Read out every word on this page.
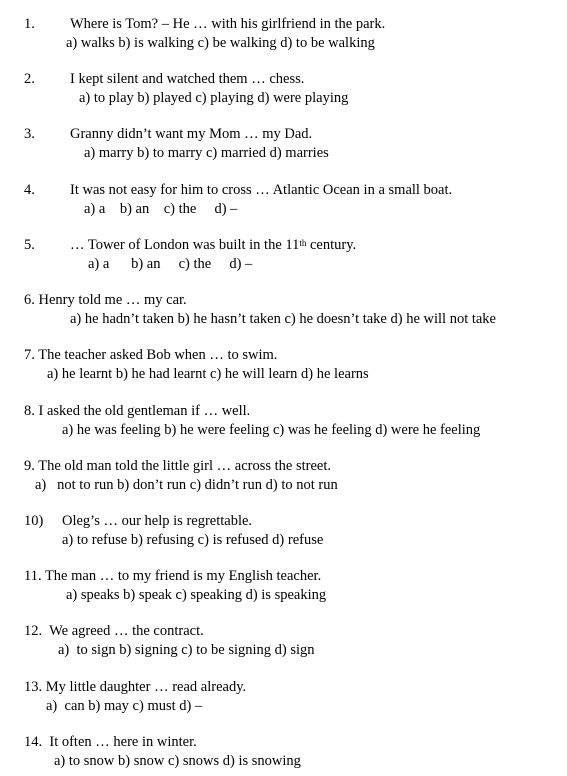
1. Where is Tom? – He … with his girlfriend in the park.
a) walks b) is walking c) be walking d) to be walking
2. I kept silent and watched them … chess.
a) to play b) played c) playing d) were playing
3. Granny didn’t want my Mom … my Dad.
a) marry b) to marry c) married d) marries
4. It was not easy for him to cross … Atlantic Ocean in a small boat.
a) a    b) an    c) the     d) –
5. … Tower of London was built in the 11th century.
a) a      b) an     c) the     d) –
6. Henry told me … my car.
a) he hadn’t taken b) he hasn’t taken c) he doesn’t take d) he will not take
7. The teacher asked Bob when … to swim.
a) he learnt b) he had learnt c) he will learn d) he learns
8. I asked the old gentleman if … well.
a) he was feeling b) he were feeling c) was he feeling d) were he feeling
9. The old man told the little girl … across the street.
a)   not to run b) don’t run c) didn’t run d) to not run
10) Oleg’s … our help is regrettable.
a) to refuse b) refusing c) is refused d) refuse
11. The man … to my friend is my English teacher.
a) speaks b) speak c) speaking d) is speaking
12.  We agreed … the contract.
a)  to sign b) signing c) to be signing d) sign
13. My little daughter … read already.
a)  can b) may c) must d) –
14.  It often … here in winter.
a) to snow b) snow c) snows d) is snowing
